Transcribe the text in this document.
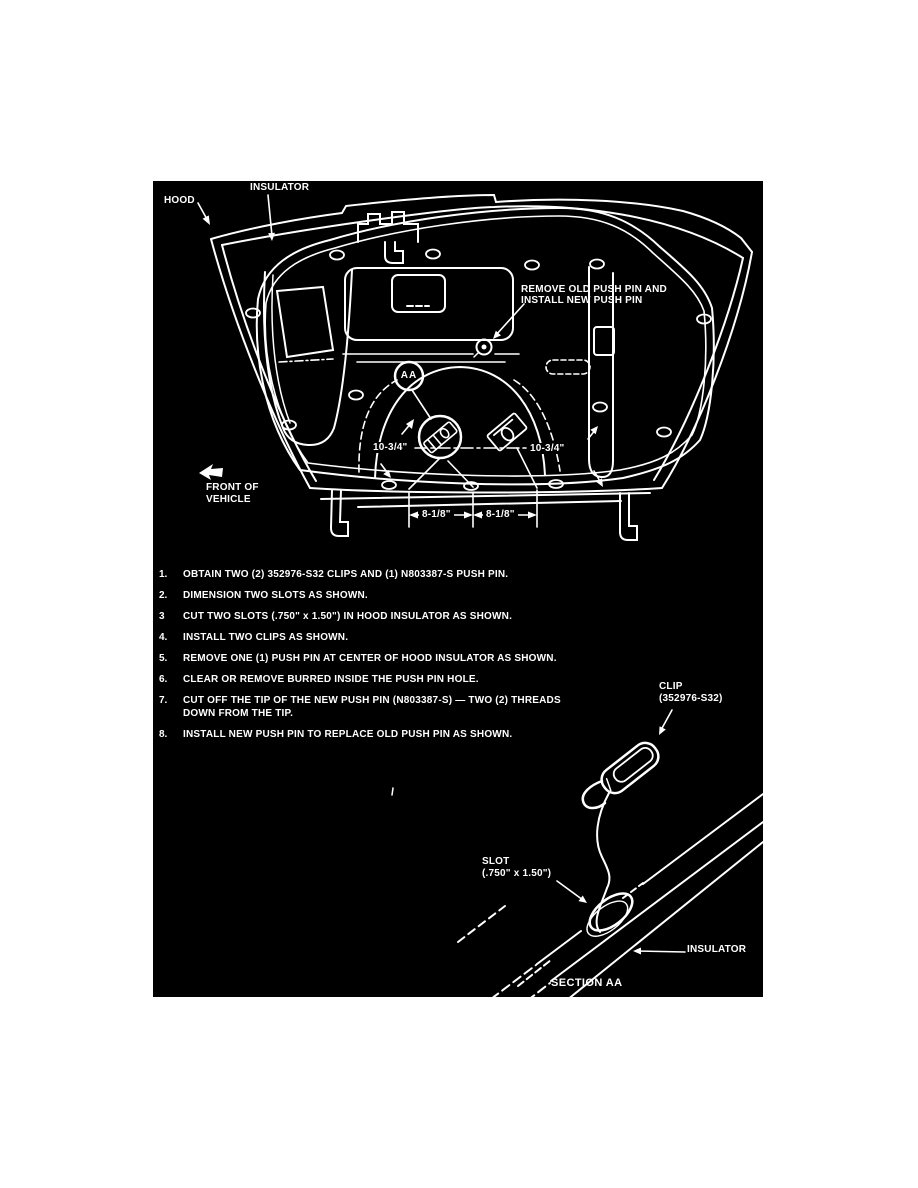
HOOD
INSULATOR
REMOVE OLD PUSH PIN AND
INSTALL NEW PUSH PIN
FRONT OF
VEHICLE
AA
10-3/4"	10-3/4"
8-1/8"	8-1/8"
1.	OBTAIN TWO (2) 352976-S32 CLIPS AND (1) N803387-S PUSH PIN.
2.	DIMENSION TWO SLOTS AS SHOWN.
3	CUT TWO SLOTS (.750" x 1.50") IN HOOD INSULATOR AS SHOWN.
4.	INSTALL TWO CLIPS AS SHOWN.
5.	REMOVE ONE (1) PUSH PIN AT CENTER OF HOOD INSULATOR AS SHOWN.
6.	CLEAR OR REMOVE BURRED INSIDE THE PUSH PIN HOLE.
7.	CUT OFF THE TIP OF THE NEW PUSH PIN (N803387-S) — TWO (2) THREADS
DOWN FROM THE TIP.
8.	INSTALL NEW PUSH PIN TO REPLACE OLD PUSH PIN AS SHOWN.
CLIP
(352976-S32)
SLOT
(.750" x 1.50")
INSULATOR
SECTION AA
